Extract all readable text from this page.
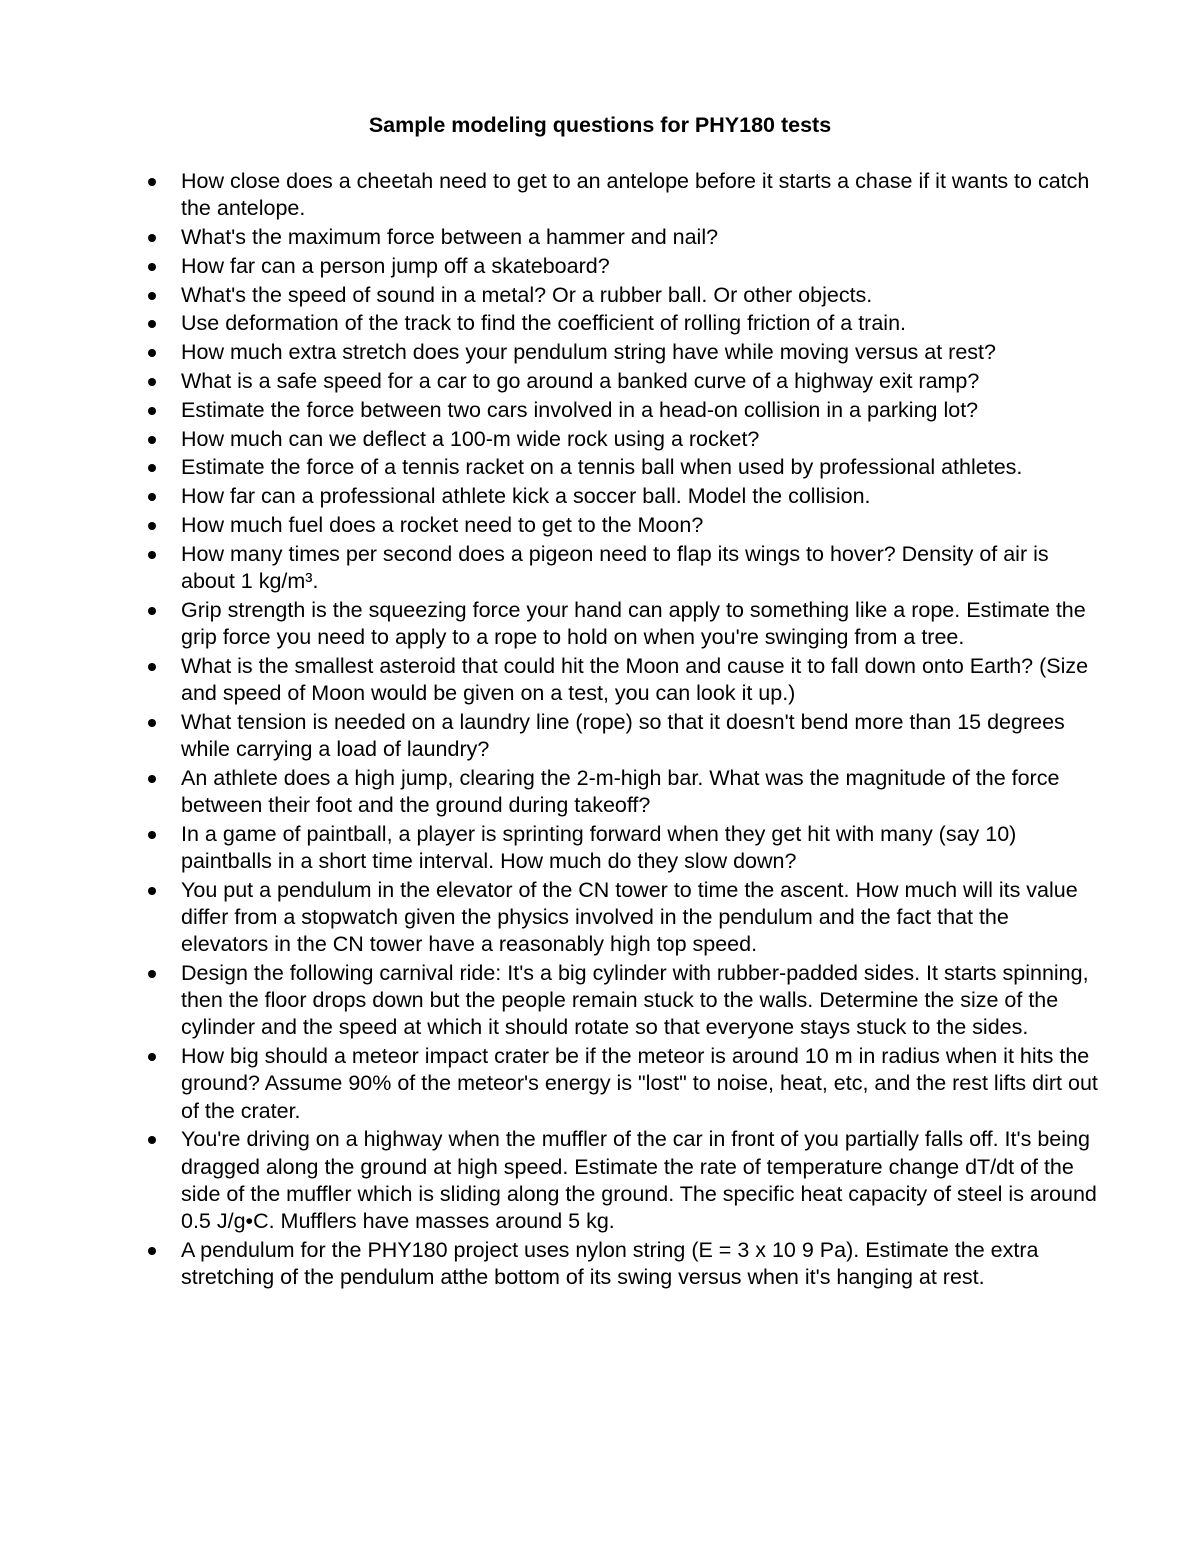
Sample modeling questions for PHY180 tests
How close does a cheetah need to get to an antelope before it starts a chase if it wants to catch the antelope.
What's the maximum force between a hammer and nail?
How far can a person jump off a skateboard?
What's the speed of sound in a metal? Or a rubber ball. Or other objects.
Use deformation of the track to find the coefficient of rolling friction of a train.
How much extra stretch does your pendulum string have while moving versus at rest?
What is a safe speed for a car to go around a banked curve of a highway exit ramp?
Estimate the force between two cars involved in a head-on collision in a parking lot?
How much can we deflect a 100-m wide rock using a rocket?
Estimate the force of a tennis racket on a tennis ball when used by professional athletes.
How far can a professional athlete kick a soccer ball. Model the collision.
How much fuel does a rocket need to get to the Moon?
How many times per second does a pigeon need to flap its wings to hover? Density of air is about 1 kg/m³.
Grip strength is the squeezing force your hand can apply to something like a rope. Estimate the grip force you need to apply to a rope to hold on when you're swinging from a tree.
What is the smallest asteroid that could hit the Moon and cause it to fall down onto Earth? (Size and speed of Moon would be given on a test, you can look it up.)
What tension is needed on a laundry line (rope) so that it doesn't bend more than 15 degrees while carrying a load of laundry?
An athlete does a high jump, clearing the 2-m-high bar. What was the magnitude of the force between their foot and the ground during takeoff?
In a game of paintball, a player is sprinting forward when they get hit with many (say 10) paintballs in a short time interval. How much do they slow down?
You put a pendulum in the elevator of the CN tower to time the ascent. How much will its value differ from a stopwatch given the physics involved in the pendulum and the fact that the elevators in the CN tower have a reasonably high top speed.
Design the following carnival ride: It's a big cylinder with rubber-padded sides. It starts spinning, then the floor drops down but the people remain stuck to the walls. Determine the size of the cylinder and the speed at which it should rotate so that everyone stays stuck to the sides.
How big should a meteor impact crater be if the meteor is around 10 m in radius when it hits the ground? Assume 90% of the meteor's energy is "lost" to noise, heat, etc, and the rest lifts dirt out of the crater.
You're driving on a highway when the muffler of the car in front of you partially falls off. It's being dragged along the ground at high speed. Estimate the rate of temperature change dT/dt of the side of the muffler which is sliding along the ground. The specific heat capacity of steel is around 0.5 J/g•C. Mufflers have masses around 5 kg.
A pendulum for the PHY180 project uses nylon string (E = 3 x 10 9 Pa). Estimate the extra stretching of the pendulum atthe bottom of its swing versus when it's hanging at rest.
